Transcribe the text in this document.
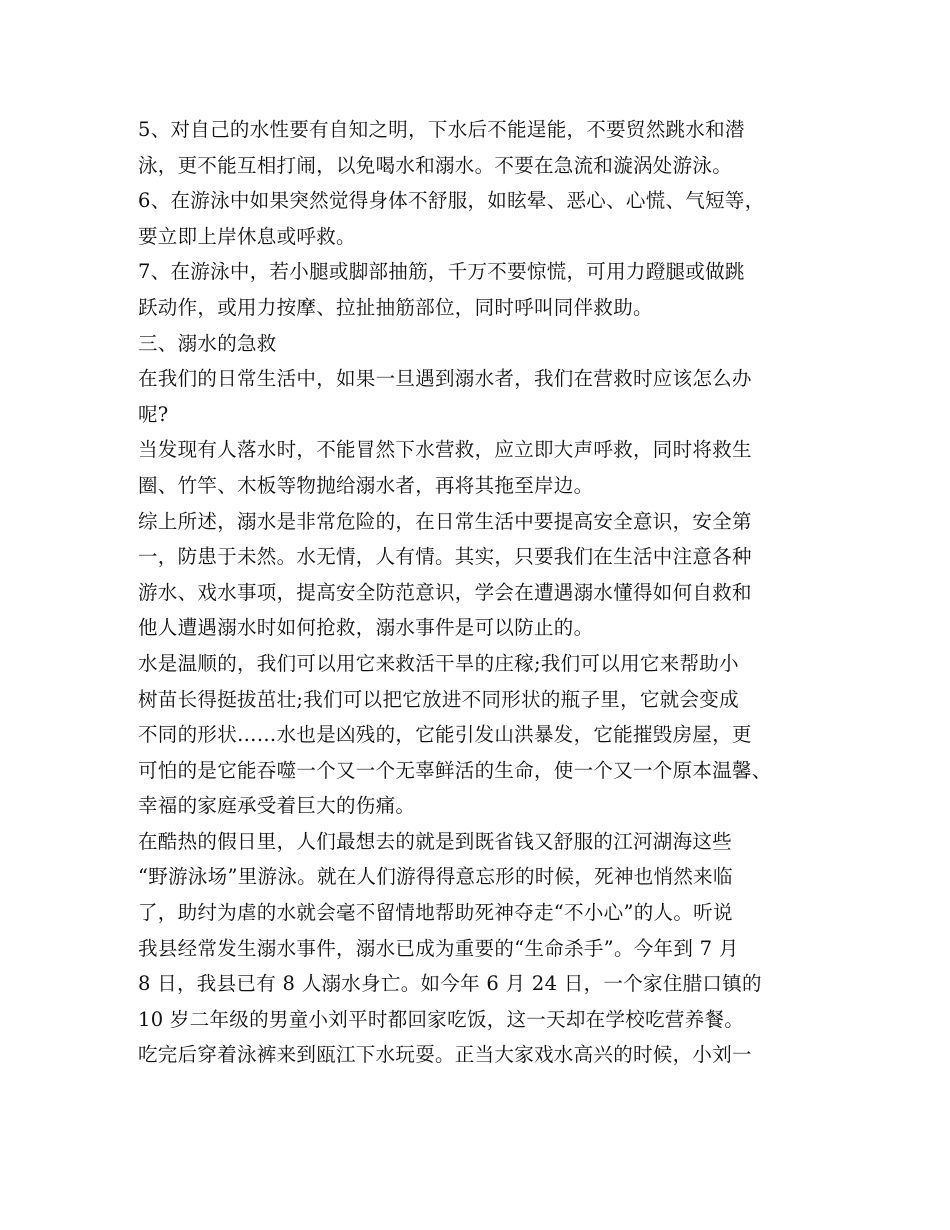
5、对自己的水性要有自知之明，下水后不能逞能，不要贸然跳水和潜
泳，更不能互相打闹，以免喝水和溺水。不要在急流和漩涡处游泳。
6、在游泳中如果突然觉得身体不舒服，如眩晕、恶心、心慌、气短等，
要立即上岸休息或呼救。
7、在游泳中，若小腿或脚部抽筋，千万不要惊慌，可用力蹬腿或做跳
跃动作，或用力按摩、拉扯抽筋部位，同时呼叫同伴救助。
三、溺水的急救
在我们的日常生活中，如果一旦遇到溺水者，我们在营救时应该怎么办
呢?
当发现有人落水时，不能冒然下水营救，应立即大声呼救，同时将救生
圈、竹竿、木板等物抛给溺水者，再将其拖至岸边。
综上所述，溺水是非常危险的，在日常生活中要提高安全意识，安全第
一，防患于未然。水无情，人有情。其实，只要我们在生活中注意各种
游水、戏水事项，提高安全防范意识，学会在遭遇溺水懂得如何自救和
他人遭遇溺水时如何抢救，溺水事件是可以防止的。
水是温顺的，我们可以用它来救活干旱的庄稼;我们可以用它来帮助小
树苗长得挺拔茁壮;我们可以把它放进不同形状的瓶子里，它就会变成
不同的形状……水也是凶残的，它能引发山洪暴发，它能摧毁房屋，更
可怕的是它能吞噬一个又一个无辜鲜活的生命，使一个又一个原本温馨、
幸福的家庭承受着巨大的伤痛。
在酷热的假日里，人们最想去的就是到既省钱又舒服的江河湖海这些
“野游泳场”里游泳。就在人们游得得意忘形的时候，死神也悄然来临
了，助纣为虐的水就会毫不留情地帮助死神夺走“不小心”的人。听说
我县经常发生溺水事件，溺水已成为重要的“生命杀手”。今年到 7 月
8 日，我县已有 8 人溺水身亡。如今年 6 月 24 日，一个家住腊口镇的
10 岁二年级的男童小刘平时都回家吃饭，这一天却在学校吃营养餐。
吃完后穿着泳裤来到瓯江下水玩耍。正当大家戏水高兴的时候，小刘一
